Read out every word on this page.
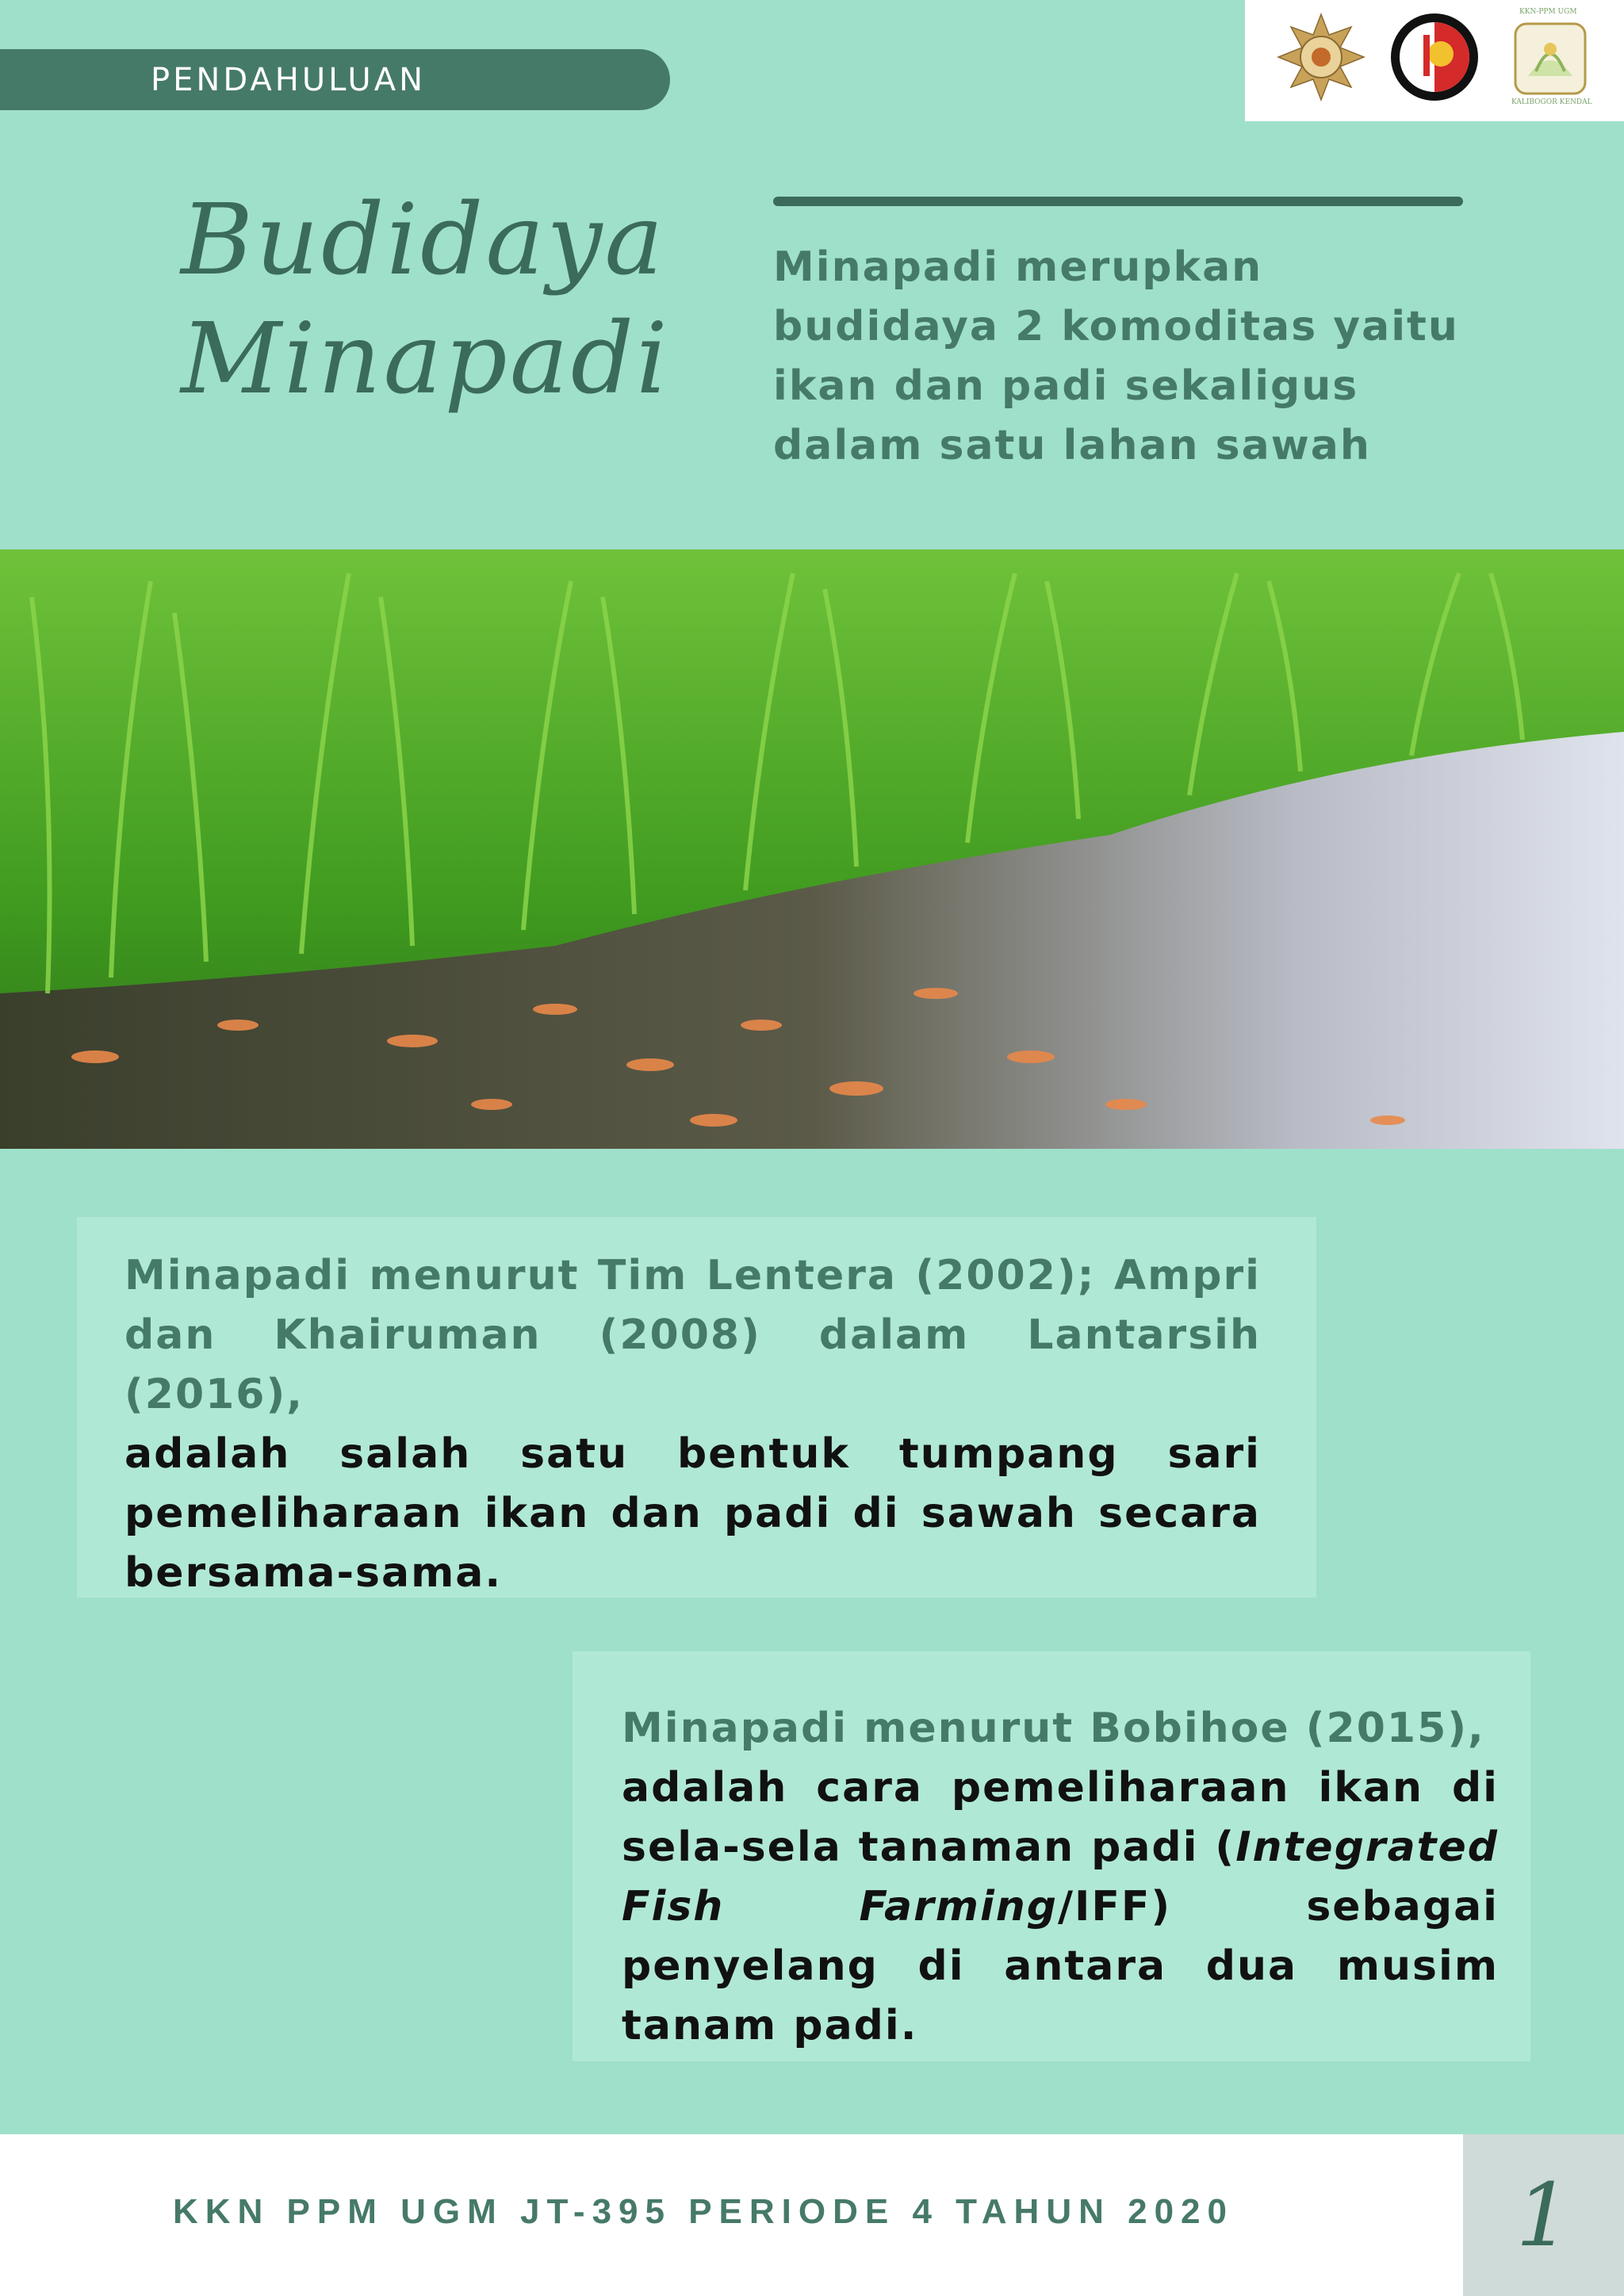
PENDAHULUAN
KKN-PPM UGM
KALIBOGOR KENDAL
Budidaya
Minapadi
Minapadi merupkan budidaya 2 komoditas yaitu ikan dan padi sekaligus dalam satu lahan sawah
Minapadi menurut Tim Lentera (2002); Ampri dan Khairuman (2008) dalam Lantarsih (2016),
adalah salah satu bentuk tumpang sari pemeliharaan ikan dan padi di sawah secara bersama-sama.
Minapadi menurut Bobihoe (2015),
adalah cara pemeliharaan ikan di sela-sela tanaman padi (Integrated Fish Farming/IFF) sebagai penyelang di antara dua musim tanam padi.
KKN PPM UGM JT-395 PERIODE 4 TAHUN 2020	1
